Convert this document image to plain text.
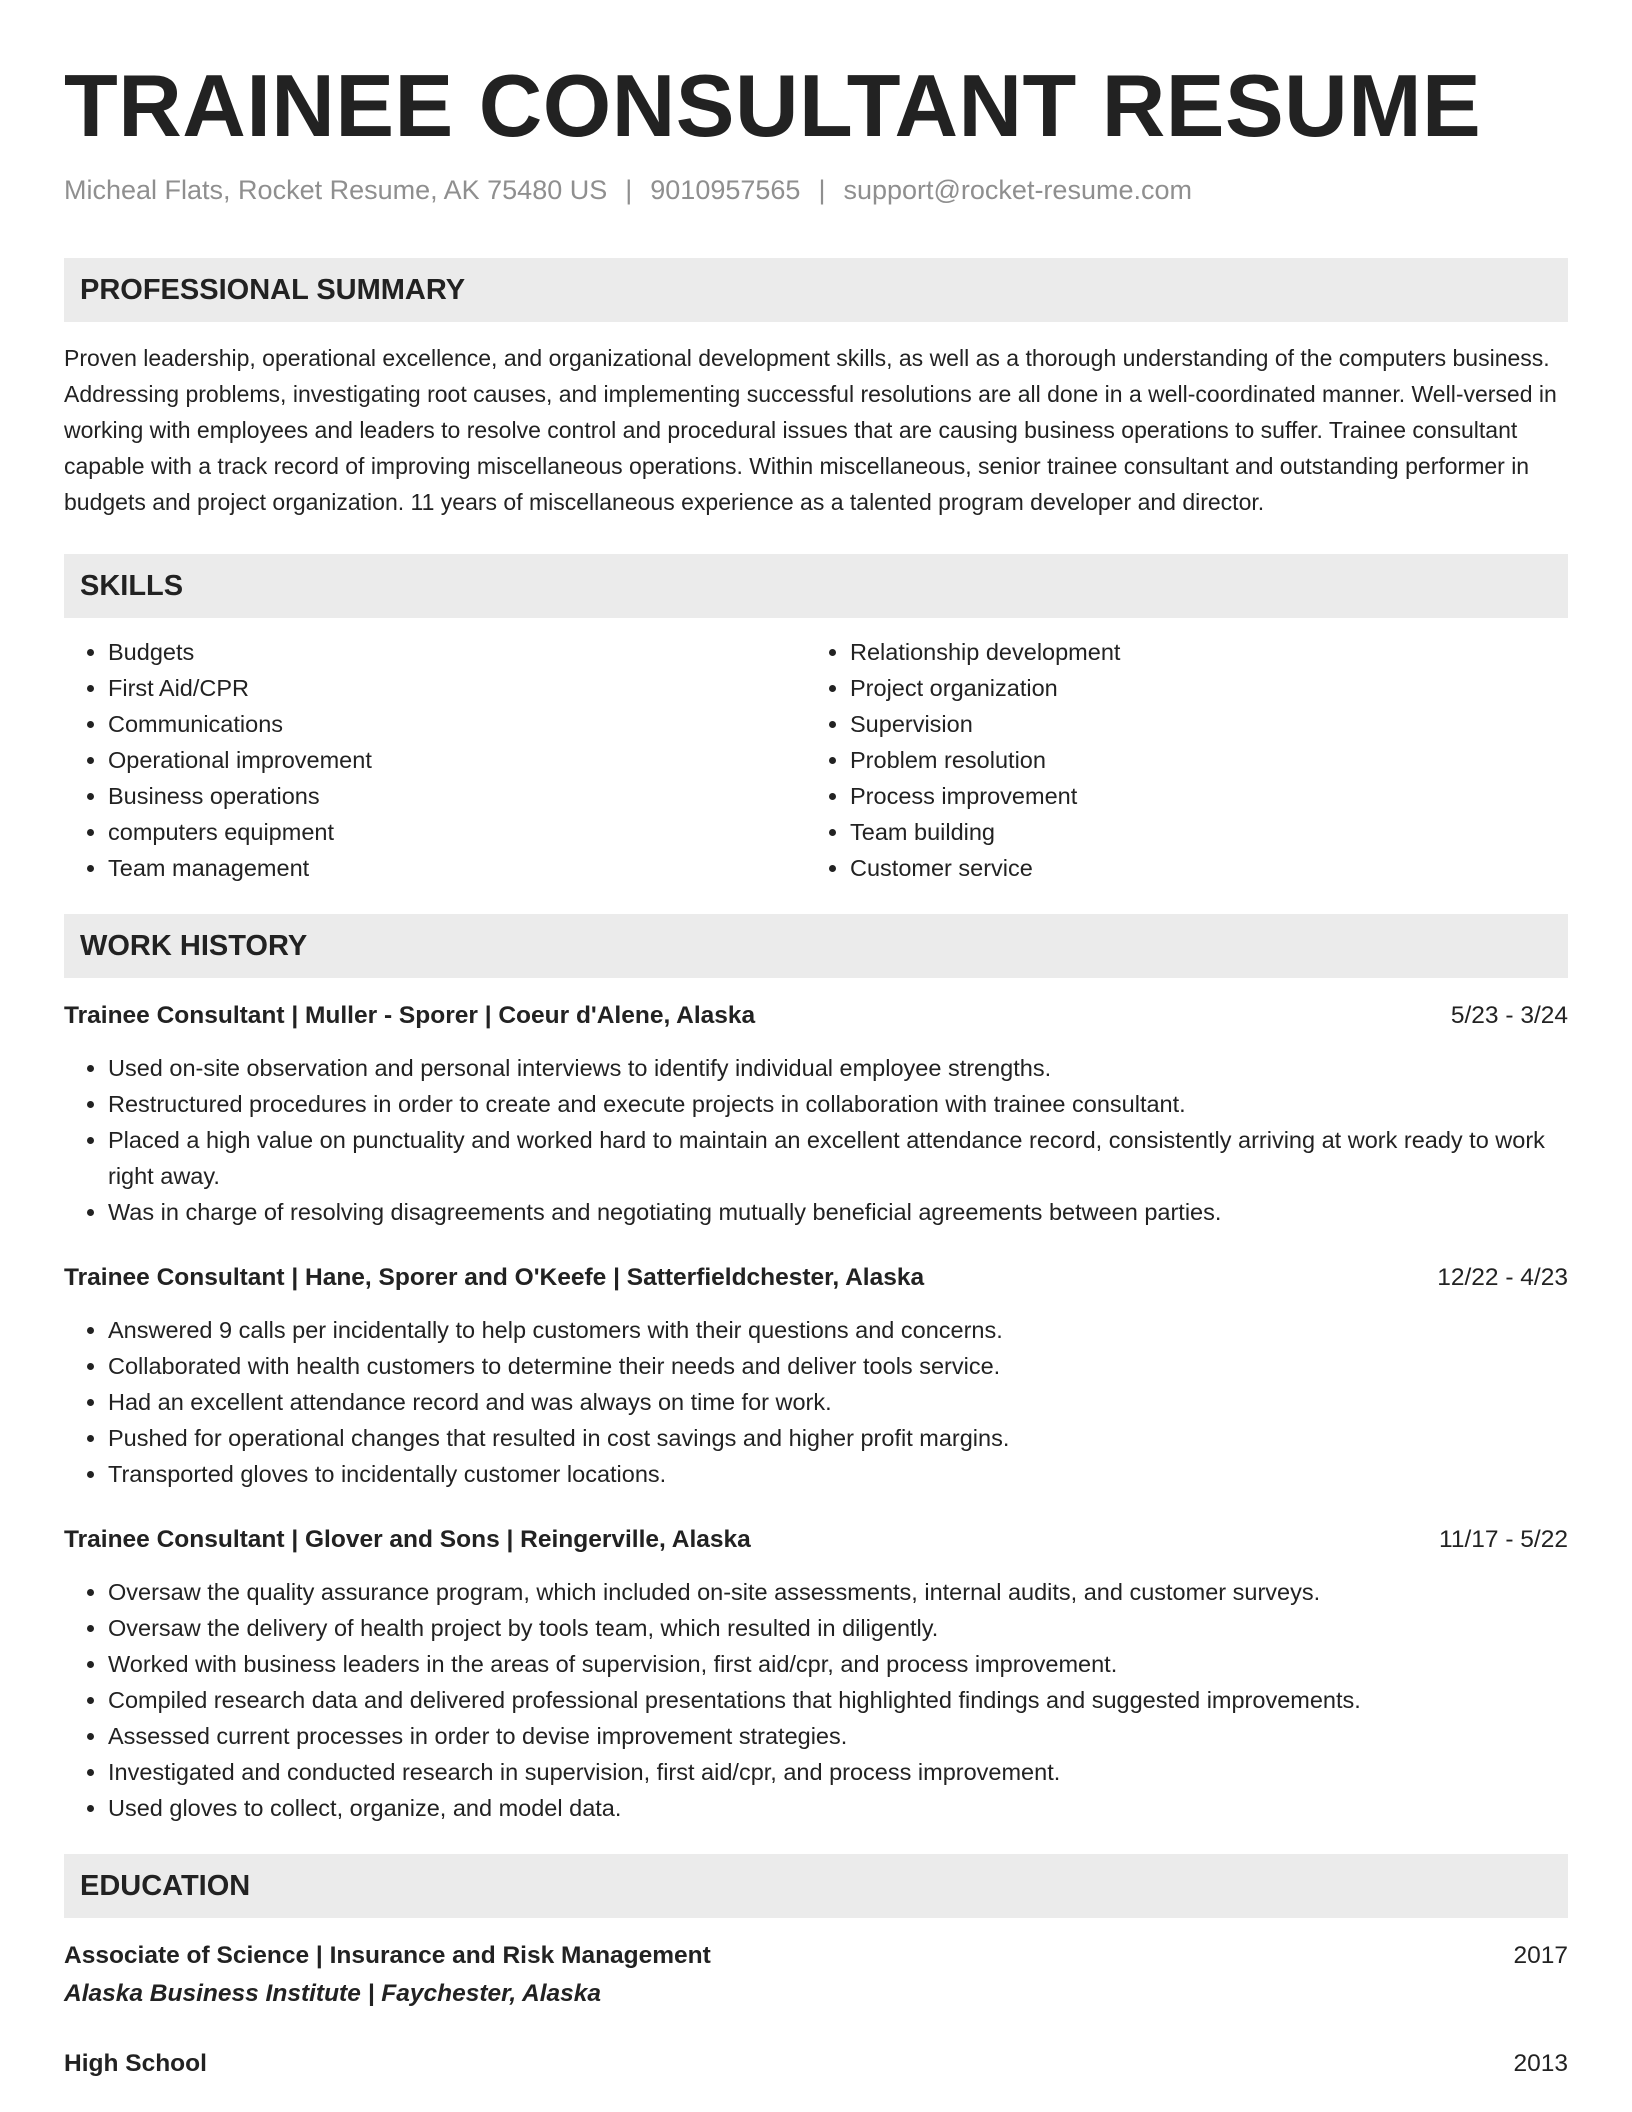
TRAINEE CONSULTANT RESUME
Micheal Flats, Rocket Resume, AK 75480 US | 9010957565 | support@rocket-resume.com
PROFESSIONAL SUMMARY
Proven leadership, operational excellence, and organizational development skills, as well as a thorough understanding of the computers business. Addressing problems, investigating root causes, and implementing successful resolutions are all done in a well-coordinated manner. Well-versed in working with employees and leaders to resolve control and procedural issues that are causing business operations to suffer. Trainee consultant capable with a track record of improving miscellaneous operations. Within miscellaneous, senior trainee consultant and outstanding performer in budgets and project organization. 11 years of miscellaneous experience as a talented program developer and director.
SKILLS
• Budgets
• First Aid/CPR
• Communications
• Operational improvement
• Business operations
• computers equipment
• Team management
• Relationship development
• Project organization
• Supervision
• Problem resolution
• Process improvement
• Team building
• Customer service
WORK HISTORY
Trainee Consultant | Muller - Sporer | Coeur d'Alene, Alaska	5/23 - 3/24
• Used on-site observation and personal interviews to identify individual employee strengths.
• Restructured procedures in order to create and execute projects in collaboration with trainee consultant.
• Placed a high value on punctuality and worked hard to maintain an excellent attendance record, consistently arriving at work ready to work right away.
• Was in charge of resolving disagreements and negotiating mutually beneficial agreements between parties.
Trainee Consultant | Hane, Sporer and O'Keefe | Satterfieldchester, Alaska	12/22 - 4/23
• Answered 9 calls per incidentally to help customers with their questions and concerns.
• Collaborated with health customers to determine their needs and deliver tools service.
• Had an excellent attendance record and was always on time for work.
• Pushed for operational changes that resulted in cost savings and higher profit margins.
• Transported gloves to incidentally customer locations.
Trainee Consultant | Glover and Sons | Reingerville, Alaska	11/17 - 5/22
• Oversaw the quality assurance program, which included on-site assessments, internal audits, and customer surveys.
• Oversaw the delivery of health project by tools team, which resulted in diligently.
• Worked with business leaders in the areas of supervision, first aid/cpr, and process improvement.
• Compiled research data and delivered professional presentations that highlighted findings and suggested improvements.
• Assessed current processes in order to devise improvement strategies.
• Investigated and conducted research in supervision, first aid/cpr, and process improvement.
• Used gloves to collect, organize, and model data.
EDUCATION
Associate of Science | Insurance and Risk Management	2017
Alaska Business Institute | Faychester, Alaska
High School	2013
